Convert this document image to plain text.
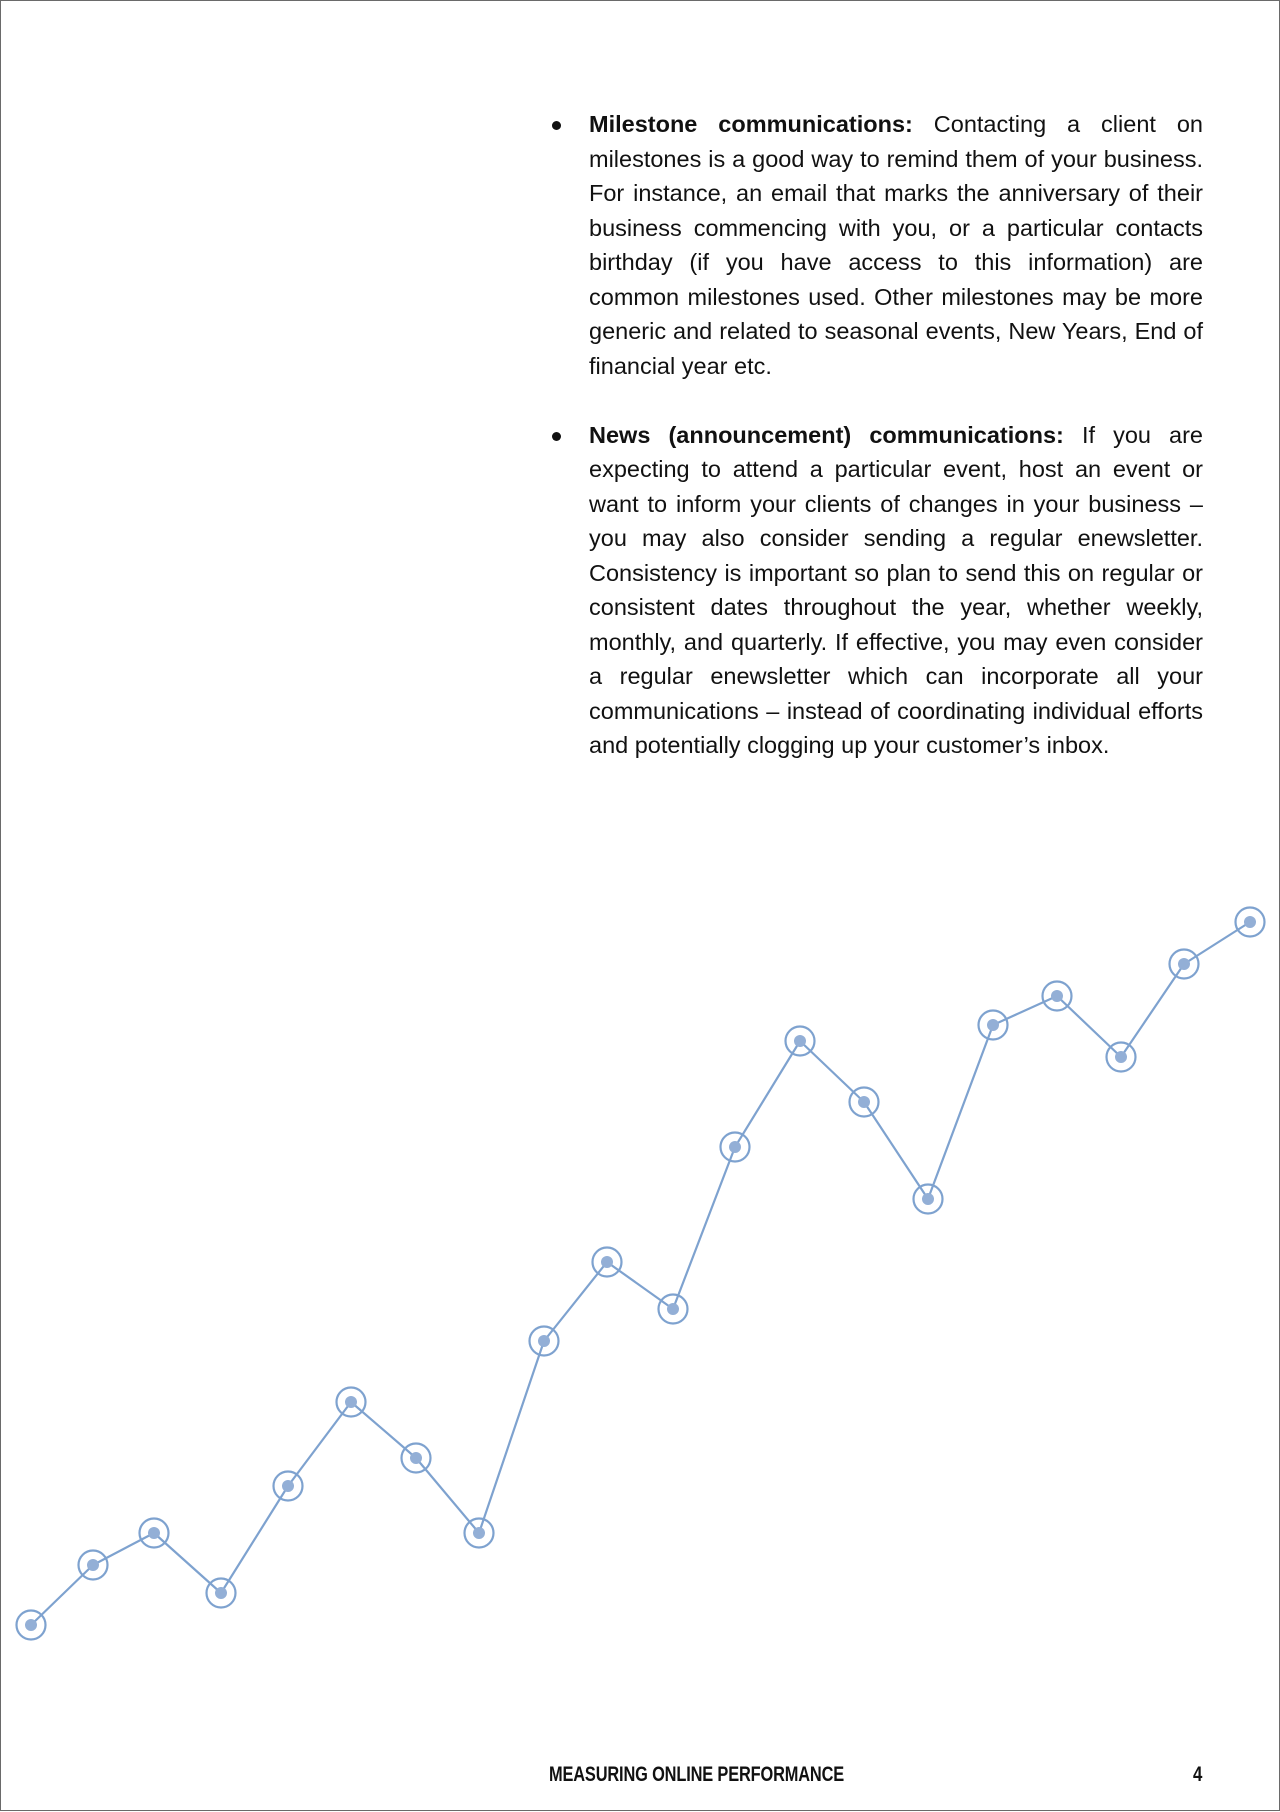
Milestone communications: Contacting a client on milestones is a good way to remind them of your business. For instance, an email that marks the anniversary of their business commencing with you, or a particular contacts birthday (if you have access to this information) are common milestones used. Other milestones may be more generic and related to seasonal events, New Years, End of financial year etc.
News (announcement) communications: If you are expecting to attend a particular event, host an event or want to inform your clients of changes in your business – you may also consider sending a regular enewsletter. Consistency is important so plan to send this on regular or consistent dates throughout the year, whether weekly, monthly, and quarterly. If effective, you may even consider a regular enewsletter which can incorporate all your communications – instead of coordinating individual efforts and potentially clogging up your customer’s inbox.
MEASURING ONLINE PERFORMANCE	4
